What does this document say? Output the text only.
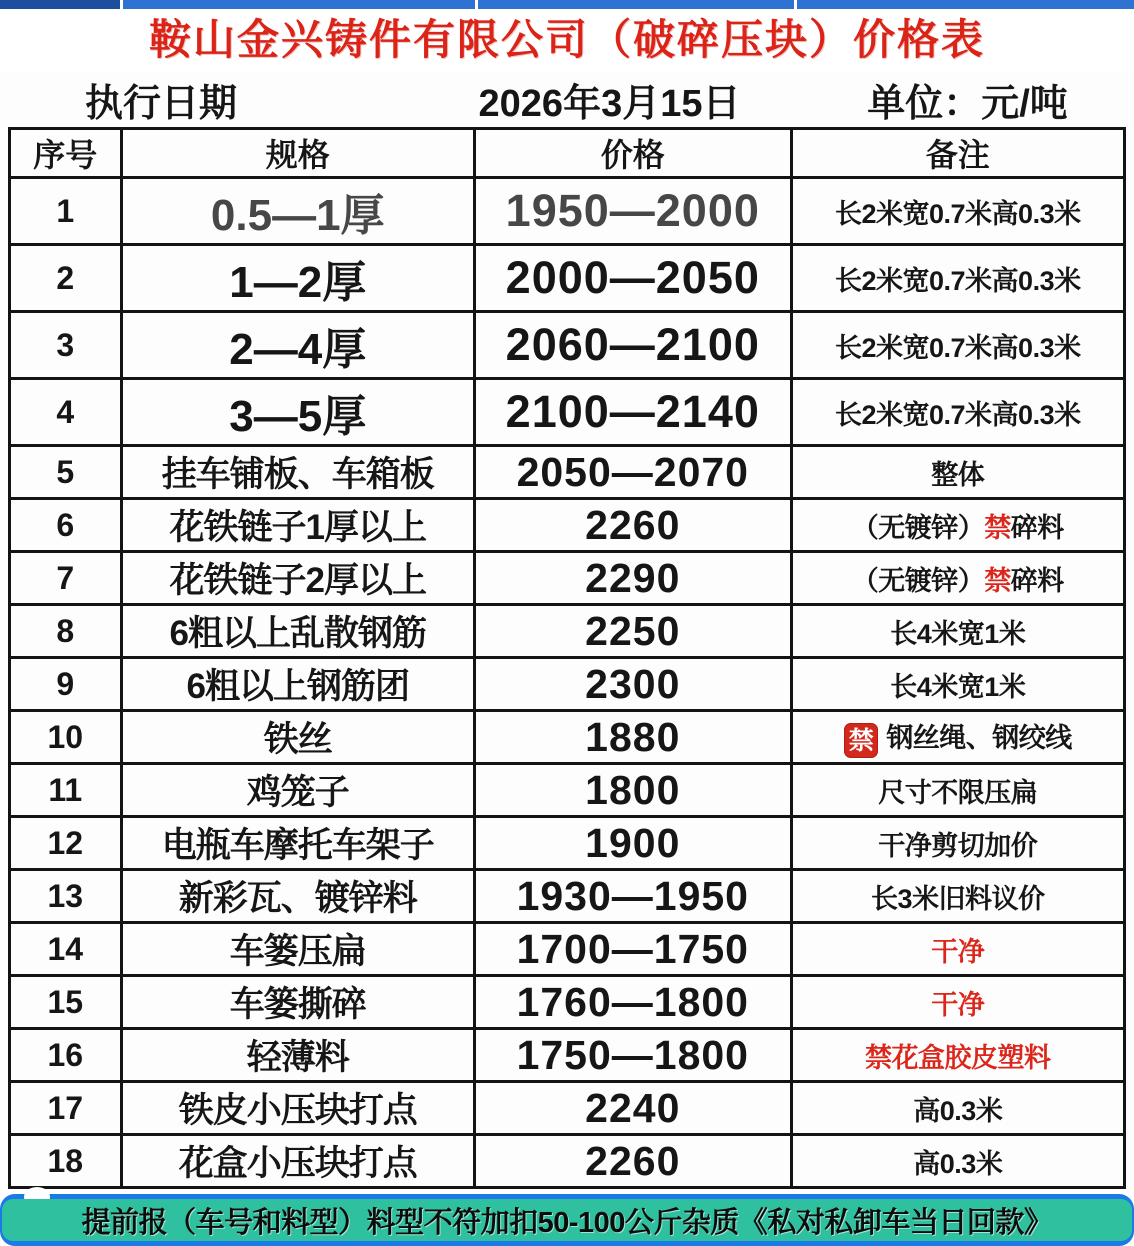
鞍山金兴铸件有限公司（破碎压块）价格表
执行日期	2026年3月15日	单位：元/吨
序号	规格	价格	备注
1	0.5—1厚	1950—2000	长2米宽0.7米高0.3米
2	1—2厚	2000—2050	长2米宽0.7米高0.3米
3	2—4厚	2060—2100	长2米宽0.7米高0.3米
4	3—5厚	2100—2140	长2米宽0.7米高0.3米
5	挂车铺板、车箱板	2050—2070	整体
6	花铁链子1厚以上	2260	（无镀锌）禁碎料
7	花铁链子2厚以上	2290	（无镀锌）禁碎料
8	6粗以上乱散钢筋	2250	长4米宽1米
9	6粗以上钢筋团	2300	长4米宽1米
10	铁丝	1880	禁 钢丝绳、钢绞线
11	鸡笼子	1800	尺寸不限压扁
12	电瓶车摩托车架子	1900	干净剪切加价
13	新彩瓦、镀锌料	1930—1950	长3米旧料议价
14	车篓压扁	1700—1750	干净
15	车篓撕碎	1760—1800	干净
16	轻薄料	1750—1800	禁花盒胶皮塑料
17	铁皮小压块打点	2240	高0.3米
18	花盒小压块打点	2260	高0.3米
提前报（车号和料型）料型不符加扣50-100公斤杂质《私对私卸车当日回款》
